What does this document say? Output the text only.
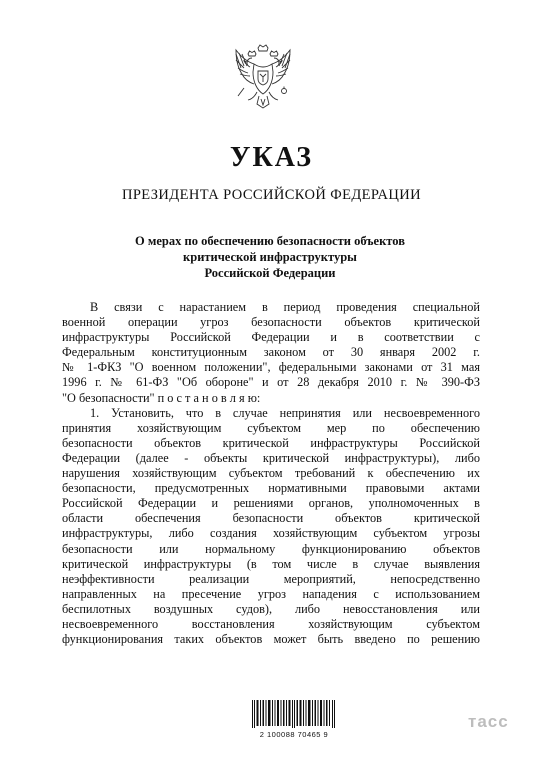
УКАЗ
ПРЕЗИДЕНТА РОССИЙСКОЙ ФЕДЕРАЦИИ
О мерах по обеспечению безопасности объектов
критической инфраструктуры
Российской Федерации
В связи с нарастанием в период проведения специальной
военной операции угроз безопасности объектов критической
инфраструктуры Российской Федерации и в соответствии с
Федеральным конституционным законом от 30 января 2002 г.
№ 1-ФКЗ "О военном положении", федеральными законами от 31 мая
1996 г. № 61-ФЗ "Об обороне" и от 28 декабря 2010 г. № 390-ФЗ
"О безопасности" п о с т а н о в л я ю:
1. Установить, что в случае непринятия или несвоевременного
принятия хозяйствующим субъектом мер по обеспечению
безопасности объектов критической инфраструктуры Российской
Федерации (далее - объекты критической инфраструктуры), либо
нарушения хозяйствующим субъектом требований к обеспечению их
безопасности, предусмотренных нормативными правовыми актами
Российской Федерации и решениями органов, уполномоченных в
области обеспечения безопасности объектов критической
инфраструктуры, либо создания хозяйствующим субъектом угрозы
безопасности или нормальному функционированию объектов
критической инфраструктуры (в том числе в случае выявления
неэффективности реализации мероприятий, непосредственно
направленных на пресечение угроз нападения с использованием
беспилотных воздушных судов), либо невосстановления или
несвоевременного восстановления хозяйствующим субъектом
функционирования таких объектов может быть введено по решению
2 100088 70465 9
тасс
